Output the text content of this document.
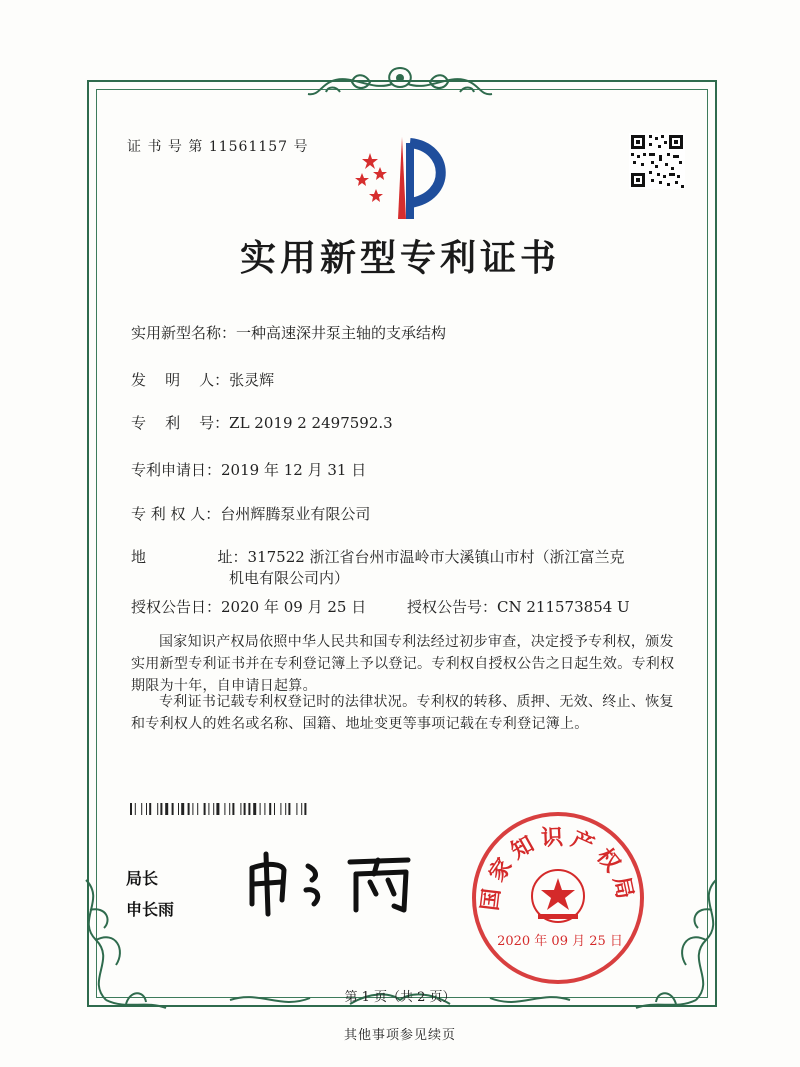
证 书 号 第 11561157 号
实用新型专利证书
实用新型名称：一种高速深井泵主轴的支承结构
发    明    人：张灵辉
专    利    号：ZL 2019 2 2497592.3
专利申请日：2019 年 12 月 31 日
专 利 权 人：台州辉腾泵业有限公司
地               址：317522 浙江省台州市温岭市大溪镇山市村（浙江富兰克
机电有限公司内）
授权公告日：2020 年 09 月 25 日	授权公告号：CN 211573854 U

国家知识产权局依照中华人民共和国专利法经过初步审查，决定授予专利权，颁发实用新型专利证书并在专利登记簿上予以登记。专利权自授权公告之日起生效。专利权期限为十年，自申请日起算。

专利证书记载专利权登记时的法律状况。专利权的转移、质押、无效、终止、恢复和专利权人的姓名或名称、国籍、地址变更等事项记载在专利登记簿上。

局长
申长雨	国家知识产权局
2020 年 09 月 25 日
第 1 页（共 2 页）
其他事项参见续页
